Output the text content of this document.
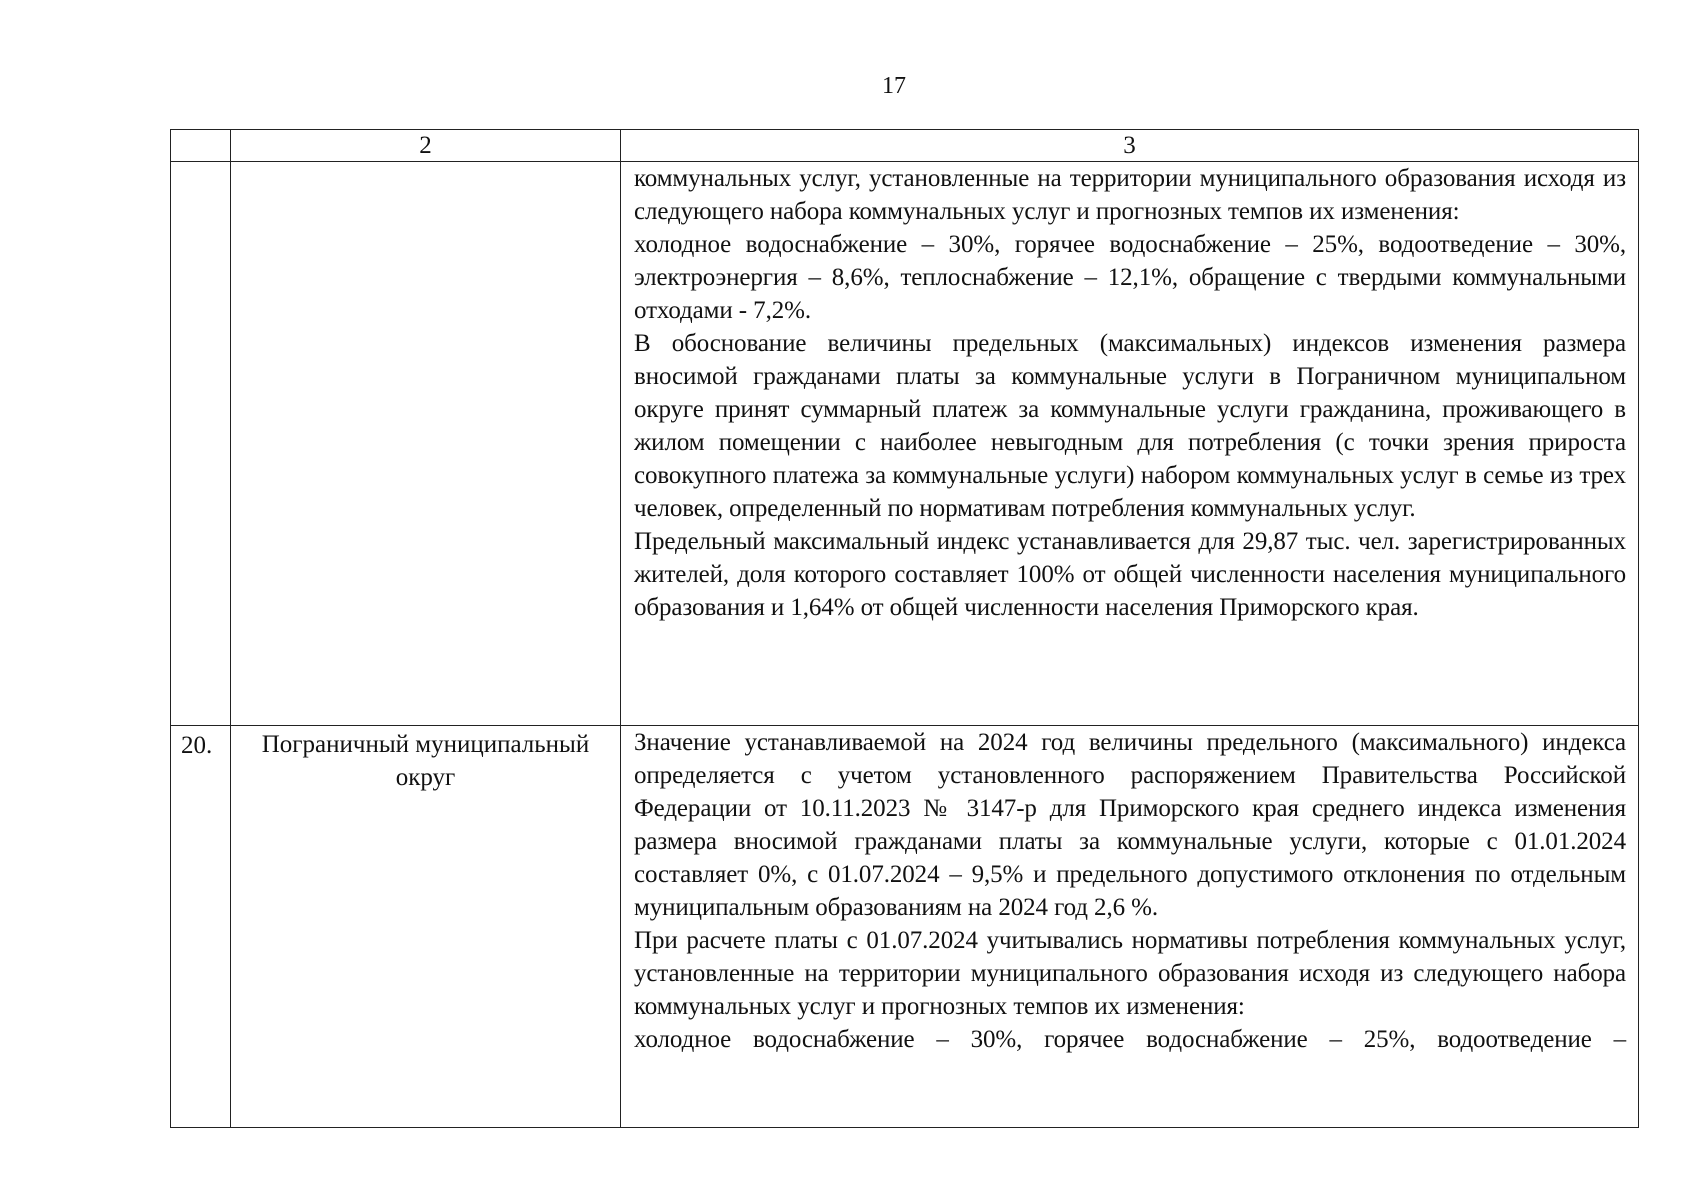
17
	2	3

		коммунальных услуг, установленные на территории муниципального образования исходя из следующего набора коммунальных услуг и прогнозных темпов их изменения:

холодное водоснабжение – 30%, горячее водоснабжение – 25%, водоотведение – 30%, электроэнергия – 8,6%, теплоснабжение – 12,1%, обращение с твердыми коммунальными отходами - 7,2%.

В обоснование величины предельных (максимальных) индексов изменения размера вносимой гражданами платы за коммунальные услуги в Пограничном муниципальном округе принят суммарный платеж за коммунальные услуги гражданина, проживающего в жилом помещении с наиболее невыгодным для потребления (с точки зрения прироста совокупного платежа за коммунальные услуги) набором коммунальных услуг в семье из трех человек, определенный по нормативам потребления коммунальных услуг.

Предельный максимальный индекс устанавливается для 29,87 тыс. чел. зарегистрированных жителей, доля которого составляет 100% от общей численности населения муниципального образования и 1,64% от общей численности населения Приморского края.

20.	Пограничный муниципальный округ	Значение устанавливаемой на 2024 год величины предельного (максимального) индекса определяется с учетом установленного распоряжением Правительства Российской Федерации от 10.11.2023 № 3147-р для Приморского края среднего индекса изменения размера вносимой гражданами платы за коммунальные услуги, которые с 01.01.2024 составляет 0%, с 01.07.2024 – 9,5% и предельного допустимого отклонения по отдельным муниципальным образованиям на 2024 год 2,6 %.

При расчете платы с 01.07.2024 учитывались нормативы потребления коммунальных услуг, установленные на территории муниципального образования исходя из следующего набора коммунальных услуг и прогнозных темпов их изменения:

холодное водоснабжение – 30%, горячее водоснабжение – 25%, водоотведение –
